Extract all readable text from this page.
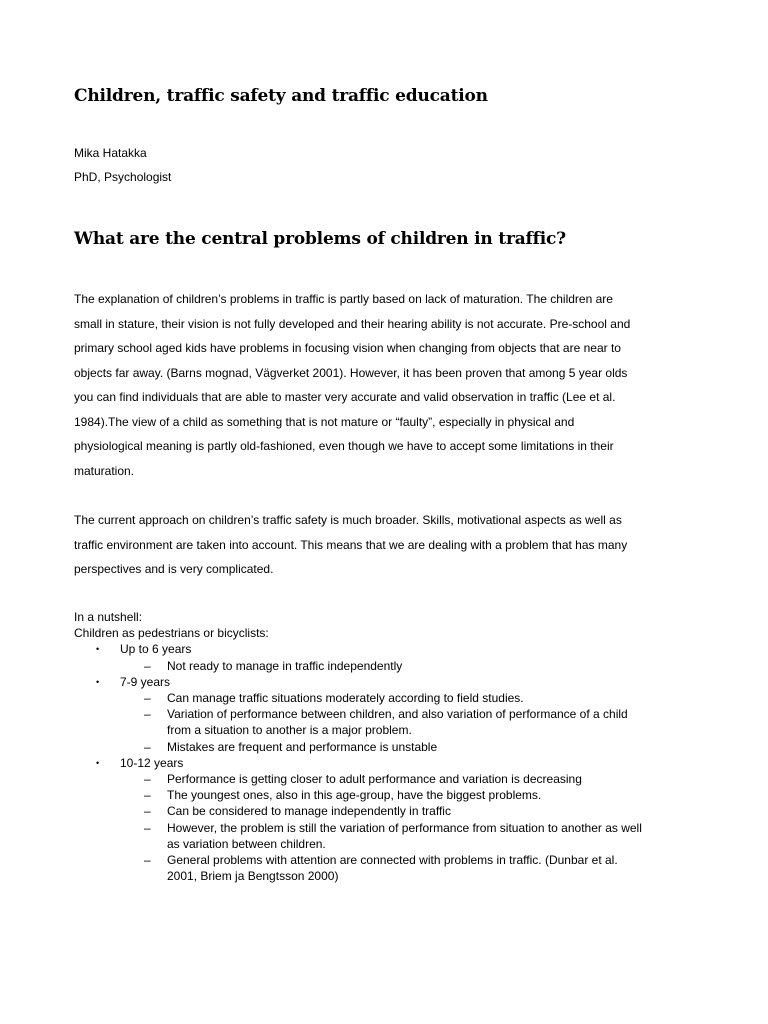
Children, traffic safety and traffic education
Mika Hatakka
PhD, Psychologist
What are the central problems of children in traffic?

The explanation of children’s problems in traffic is partly based on lack of maturation. The children are
small in stature, their vision is not fully developed and their hearing ability is not accurate. Pre-school and
primary school aged kids have problems in focusing vision when changing from objects that are near to
objects far away. (Barns mognad, Vägverket 2001). However, it has been proven that among 5 year olds
you can find individuals that are able to master very accurate and valid observation in traffic (Lee et al.
1984).The view of a child as something that is not mature or “faulty”, especially in physical and
physiological meaning is partly old-fashioned, even though we have to accept some limitations in their
maturation.

The current approach on children’s traffic safety is much broader. Skills, motivational aspects as well as
traffic environment are taken into account. This means that we are dealing with a problem that has many
perspectives and is very complicated.

In a nutshell:
Children as pedestrians or bicyclists:
• Up to 6 years
– Not ready to manage in traffic independently
• 7-9 years
– Can manage traffic situations moderately according to field studies.
– Variation of performance between children, and also variation of performance of a child
from a situation to another is a major problem.
– Mistakes are frequent and performance is unstable
• 10-12 years
– Performance is getting closer to adult performance and variation is decreasing
– The youngest ones, also in this age-group, have the biggest problems.
– Can be considered to manage independently in traffic
– However, the problem is still the variation of performance from situation to another as well
as variation between children.
– General problems with attention are connected with problems in traffic. (Dunbar et al.
2001, Briem ja Bengtsson 2000)
